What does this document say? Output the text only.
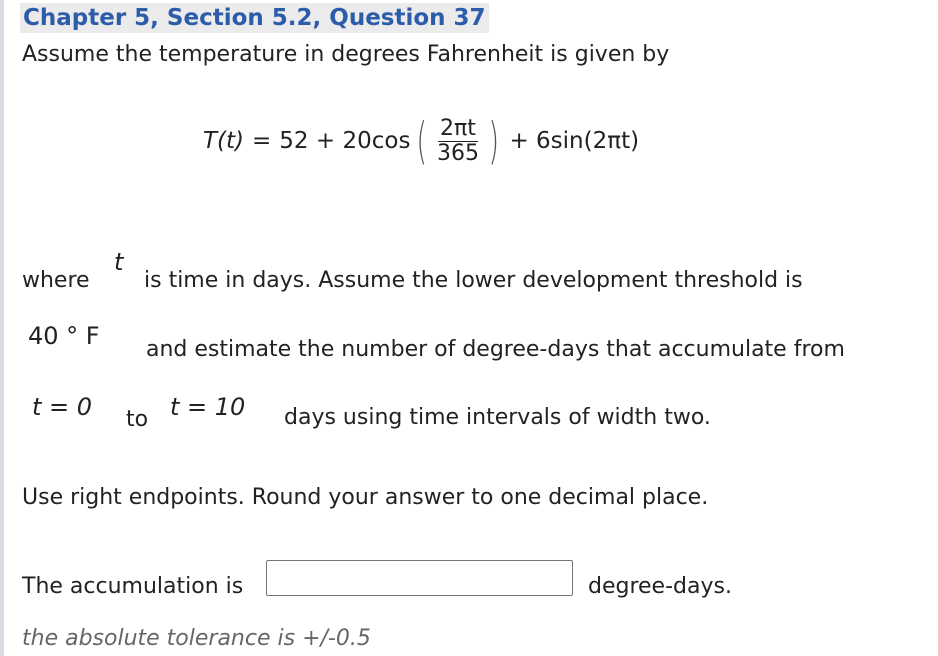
Chapter 5, Section 5.2, Question 37
Assume the temperature in degrees Fahrenheit is given by
T(t) = 52 + 20cos ( $\frac{2\pi t}{365}$ ) + 6sin(2πt)
where
t
is time in days. Assume the lower development threshold is
40 ° F and estimate the number of degree-days that accumulate from
t = 0 to t = 10 days using time intervals of width two.
Use right endpoints. Round your answer to one decimal place.
The accumulation is	degree-days.
the absolute tolerance is +/-0.5
